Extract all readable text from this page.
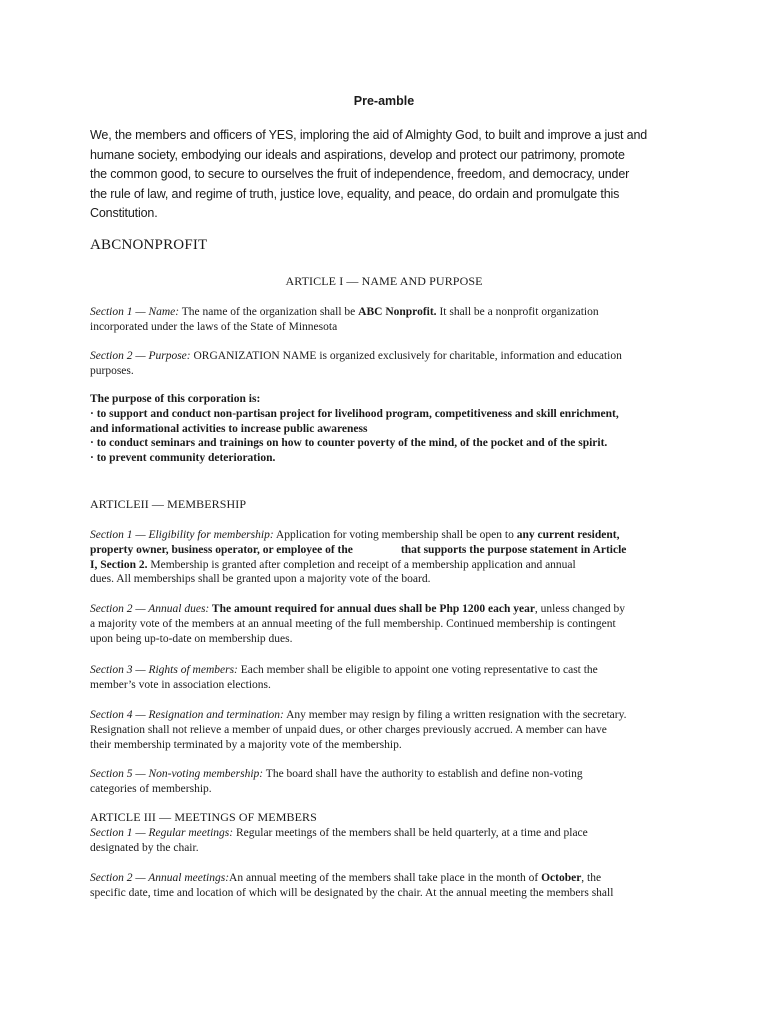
Pre-amble
We, the members and officers of YES, imploring the aid of Almighty God, to built and improve a just and
humane society, embodying our ideals and aspirations, develop and protect our patrimony, promote
the common good, to secure to ourselves the fruit of independence, freedom, and democracy, under
the rule of law, and regime of truth, justice love, equality, and peace, do ordain and promulgate this
Constitution.
ABCNONPROFIT
ARTICLE I — NAME AND PURPOSE
Section 1 — Name: The name of the organization shall be ABC Nonprofit. It shall be a nonprofit organization
incorporated under the laws of the State of Minnesota
Section 2 — Purpose: ORGANIZATION NAME is organized exclusively for charitable, information and education
purposes.
The purpose of this corporation is:
· to support and conduct non-partisan project for livelihood program, competitiveness and skill enrichment,
and informational activities to increase public awareness
· to conduct seminars and trainings on how to counter poverty of the mind, of the pocket and of the spirit.
· to prevent community deterioration.
ARTICLEII — MEMBERSHIP
Section 1 — Eligibility for membership: Application for voting membership shall be open to any current resident,
property owner, business operator, or employee of the	that supports the purpose statement in Article
I, Section 2. Membership is granted after completion and receipt of a membership application and annual
dues. All memberships shall be granted upon a majority vote of the board.
Section 2 — Annual dues: The amount required for annual dues shall be Php 1200 each year, unless changed by
a majority vote of the members at an annual meeting of the full membership. Continued membership is contingent
upon being up-to-date on membership dues.
Section 3 — Rights of members: Each member shall be eligible to appoint one voting representative to cast the
member’s vote in association elections.
Section 4 — Resignation and termination: Any member may resign by filing a written resignation with the secretary.
Resignation shall not relieve a member of unpaid dues, or other charges previously accrued. A member can have
their membership terminated by a majority vote of the membership.
Section 5 — Non-voting membership: The board shall have the authority to establish and define non-voting
categories of membership.
ARTICLE III — MEETINGS OF MEMBERS
Section 1 — Regular meetings: Regular meetings of the members shall be held quarterly, at a time and place
designated by the chair.
Section 2 — Annual meetings:An annual meeting of the members shall take place in the month of October, the
specific date, time and location of which will be designated by the chair. At the annual meeting the members shall
